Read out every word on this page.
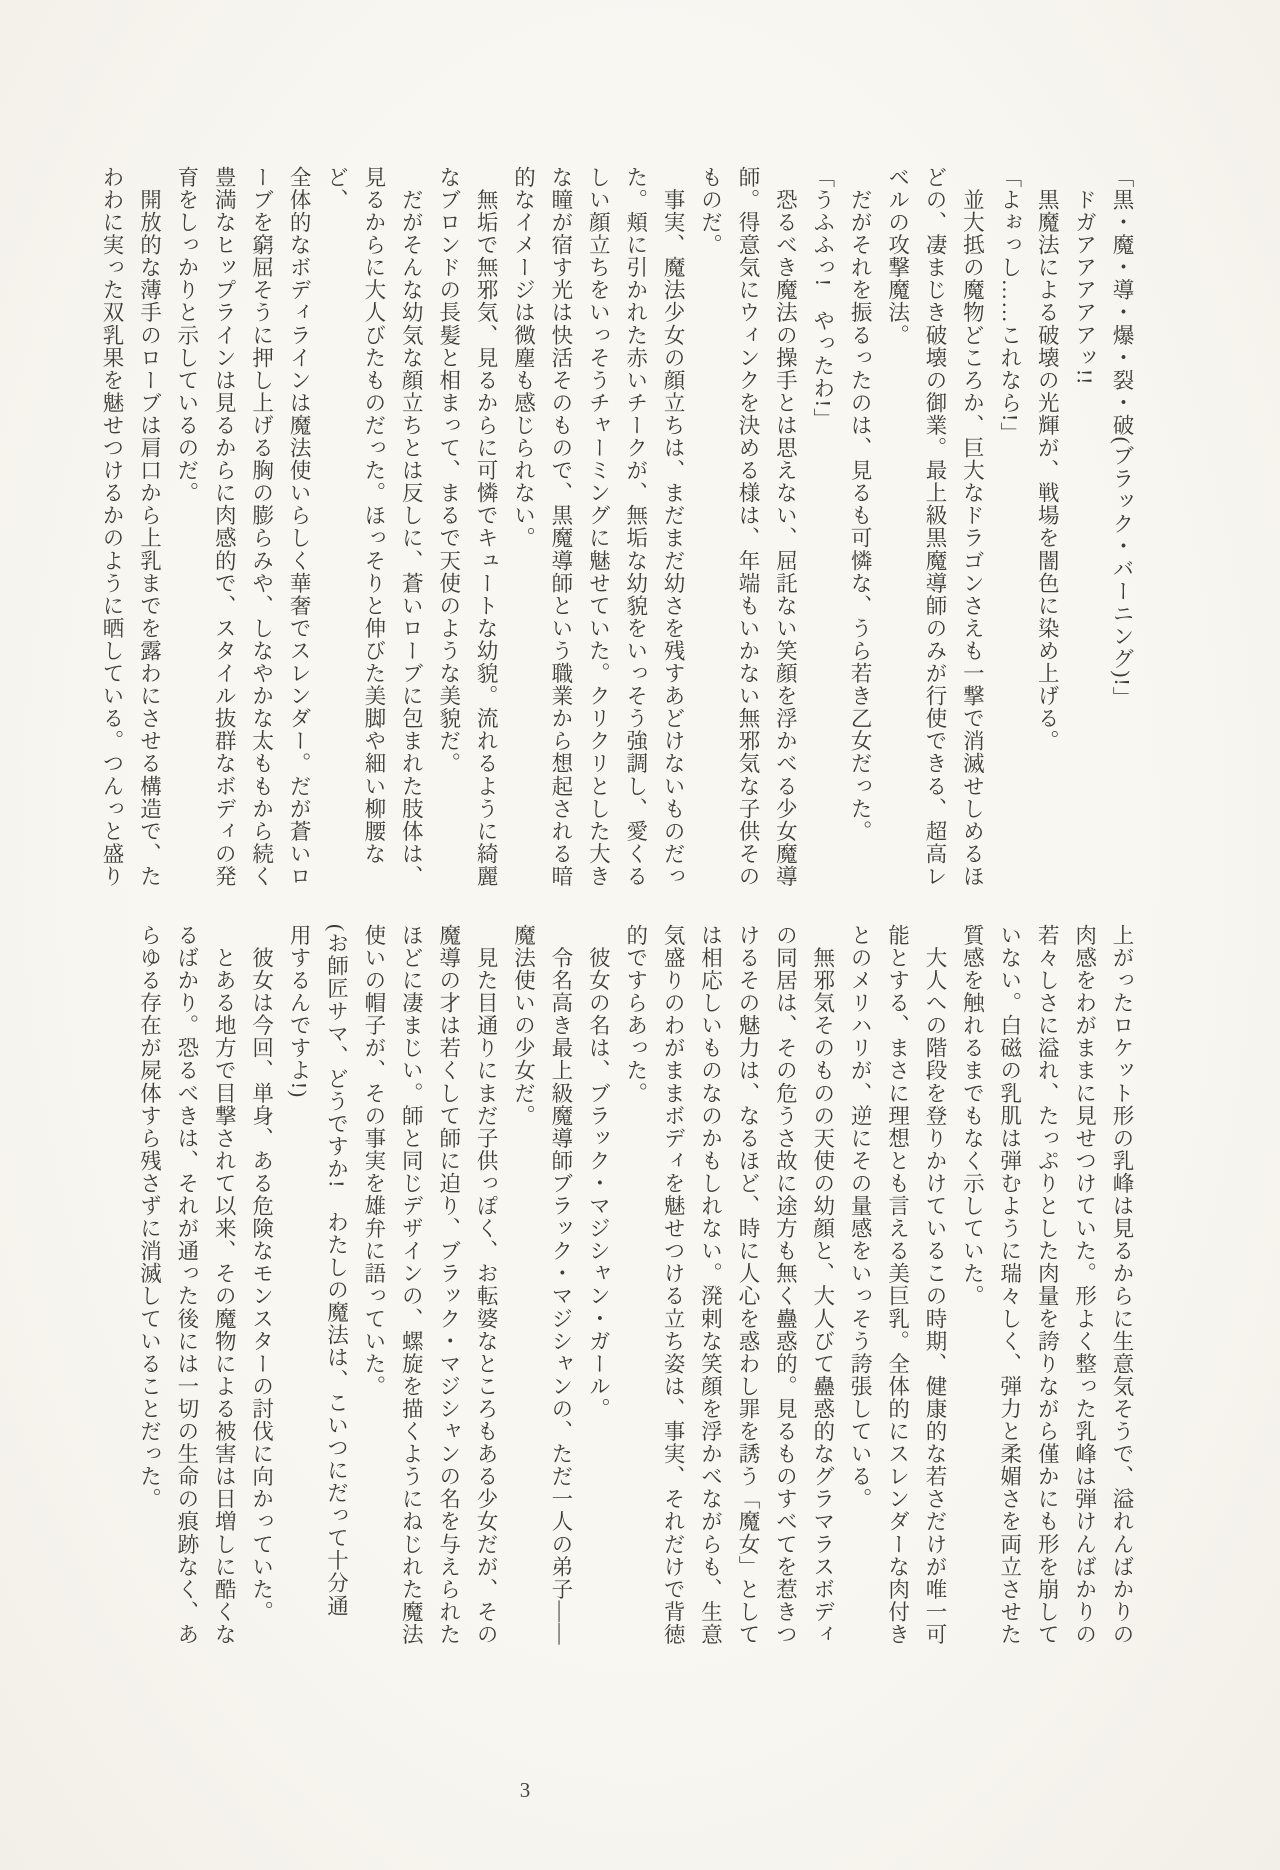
「黒・魔・導・爆・裂・破(ブラック・バーニング)!」

　ドガアアアアアッ!!

　黒魔法による破壊の光輝が、戦場を闇色に染め上げる。

「よぉっし……これなら!」

　並大抵の魔物どころか、巨大なドラゴンさえも一撃で消滅せしめるほ

どの、凄まじき破壊の御業。最上級黒魔導師のみが行使できる、超高レ

ベルの攻撃魔法。

　だがそれを振るったのは、見るも可憐な、うら若き乙女だった。

「うふふっ!　やったわ!」

　恐るべき魔法の操手とは思えない、屈託ない笑顔を浮かべる少女魔導

師。得意気にウィンクを決める様は、年端もいかない無邪気な子供その

ものだ。

　事実、魔法少女の顔立ちは、まだまだ幼さを残すあどけないものだっ

た。頬に引かれた赤いチークが、無垢な幼貌をいっそう強調し、愛くる

しい顔立ちをいっそうチャーミングに魅せていた。クリクリとした大き

な瞳が宿す光は快活そのもので、黒魔導師という職業から想起される暗

的なイメージは微塵も感じられない。

　無垢で無邪気、見るからに可憐でキュートな幼貌。流れるように綺麗

なブロンドの長髪と相まって、まるで天使のような美貌だ。

　だがそんな幼気な顔立ちとは反しに、蒼いローブに包まれた肢体は、

見るからに大人びたものだった。ほっそりと伸びた美脚や細い柳腰など、

全体的なボディラインは魔法使いらしく華奢でスレンダー。だが蒼いロ

ーブを窮屈そうに押し上げる胸の膨らみや、しなやかな太ももから続く

豊満なヒップラインは見るからに肉感的で、スタイル抜群なボディの発

育をしっかりと示しているのだ。

　開放的な薄手のローブは肩口から上乳までを露わにさせる構造で、た

わわに実った双乳果を魅せつけるかのように晒している。つんっと盛り

上がったロケット形の乳峰は見るからに生意気そうで、溢れんばかりの

肉感をわがままに見せつけていた。形よく整った乳峰は弾けんばかりの

若々しさに溢れ、たっぷりとした肉量を誇りながら僅かにも形を崩して

いない。白磁の乳肌は弾むように瑞々しく、弾力と柔媚さを両立させた

質感を触れるまでもなく示していた。

　大人への階段を登りかけているこの時期、健康的な若さだけが唯一可

能とする、まさに理想とも言える美巨乳。全体的にスレンダーな肉付き

とのメリハリが、逆にその量感をいっそう誇張している。

　無邪気そのものの天使の幼顔と、大人びて蠱惑的なグラマラスボディ

の同居は、その危うさ故に途方も無く蠱惑的。見るものすべてを惹きつ

けるその魅力は、なるほど、時に人心を惑わし罪を誘う「魔女」として

は相応しいものなのかもしれない。溌剌な笑顔を浮かべながらも、生意

気盛りのわがままボディを魅せつける立ち姿は、事実、それだけで背徳

的ですらあった。

　彼女の名は、ブラック・マジシャン・ガール。

　令名高き最上級魔導師ブラック・マジシャンの、ただ一人の弟子――

魔法使いの少女だ。

　見た目通りにまだ子供っぽく、お転婆なところもある少女だが、その

魔導の才は若くして師に迫り、ブラック・マジシャンの名を与えられた

ほどに凄まじい。師と同じデザインの、螺旋を描くようにねじれた魔法

使いの帽子が、その事実を雄弁に語っていた。

(お師匠サマ、どうですか!　わたしの魔法は、こいつにだって十分通

用するんですよ!)

　彼女は今回、単身、ある危険なモンスターの討伐に向かっていた。

　とある地方で目撃されて以来、その魔物による被害は日増しに酷くな

るばかり。恐るべきは、それが通った後には一切の生命の痕跡なく、あ

らゆる存在が屍体すら残さずに消滅していることだった。

3
